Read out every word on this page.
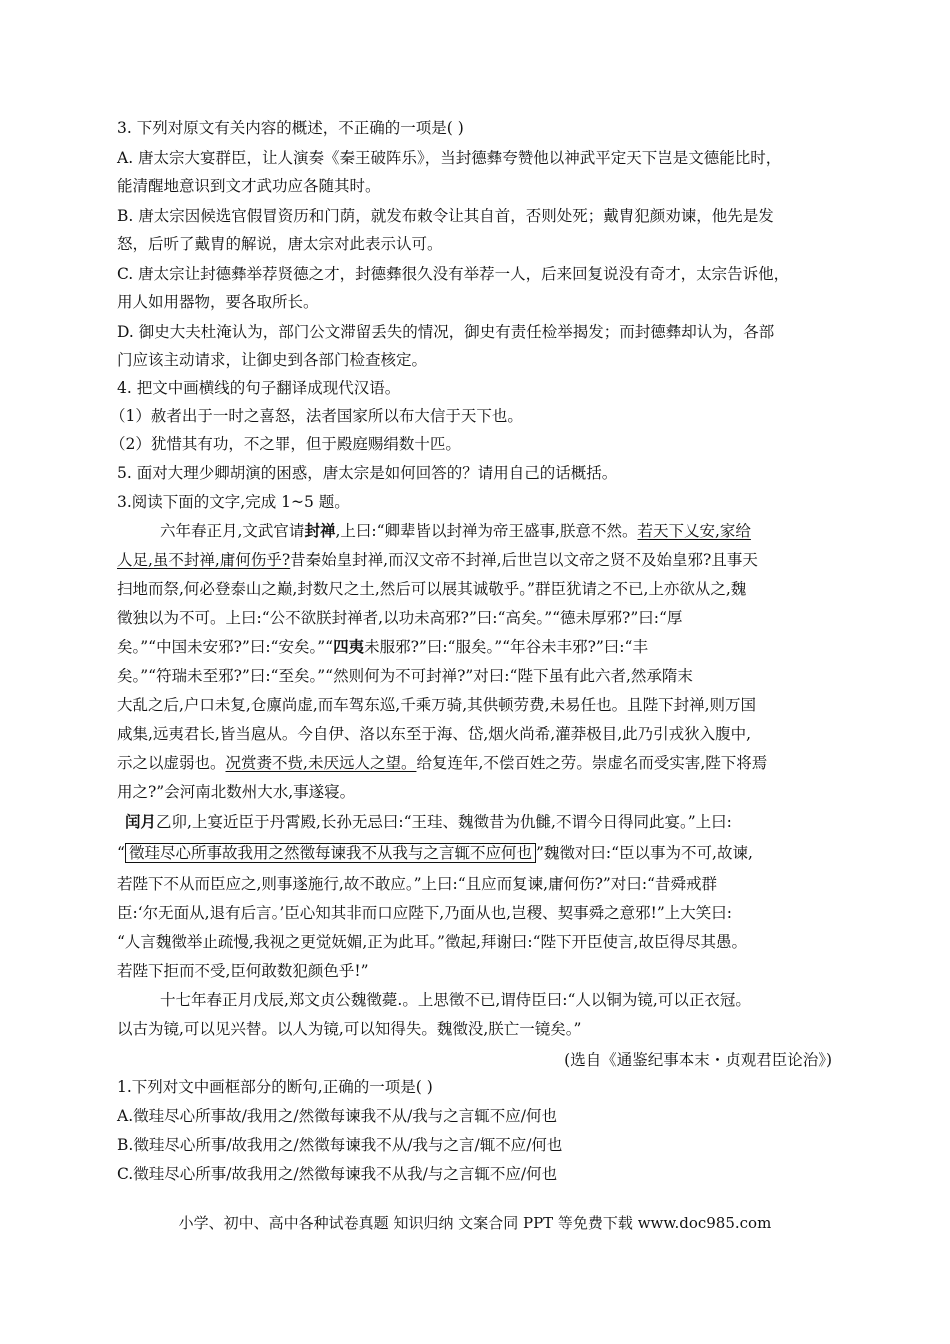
3. 下列对原文有关内容的概述，不正确的一项是( )
A. 唐太宗大宴群臣，让人演奏《秦王破阵乐》，当封德彝夸赞他以神武平定天下岂是文德能比时，
能清醒地意识到文才武功应各随其时。
B. 唐太宗因候选官假冒资历和门荫，就发布敕令让其自首，否则处死；戴胄犯颜劝谏，他先是发
怒，后听了戴胄的解说，唐太宗对此表示认可。
C. 唐太宗让封德彝举荐贤德之才，封德彝很久没有举荐一人，后来回复说没有奇才，太宗告诉他，
用人如用器物，要各取所长。
D. 御史大夫杜淹认为，部门公文滞留丢失的情况，御史有责任检举揭发；而封德彝却认为，各部
门应该主动请求，让御史到各部门检查核定。
4. 把文中画横线的句子翻译成现代汉语。
（1）赦者出于一时之喜怒，法者国家所以布大信于天下也。
（2）犹惜其有功，不之罪，但于殿庭赐绢数十匹。
5. 面对大理少卿胡演的困惑，唐太宗是如何回答的？请用自己的话概括。
3.阅读下面的文字,完成 1~5 题。
六年春正月,文武官请封禅,上曰:“卿辈皆以封禅为帝王盛事,朕意不然。若天下乂安,家给
人足,虽不封禅,庸何伤乎?昔秦始皇封禅,而汉文帝不封禅,后世岂以文帝之贤不及始皇邪?且事天
扫地而祭,何必登泰山之巅,封数尺之土,然后可以展其诚敬乎。”群臣犹请之不已,上亦欲从之,魏
徵独以为不可。上曰:“公不欲朕封禅者,以功未高邪?”曰:“高矣。”“德未厚邪?”曰:“厚
矣。”“中国未安邪?”曰:“安矣。”“四夷未服邪?”曰:“服矣。”“年谷未丰邪?”曰:“丰
矣。”“符瑞未至邪?”曰:“至矣。”“然则何为不可封禅?”对曰:“陛下虽有此六者,然承隋末
大乱之后,户口未复,仓廪尚虚,而车驾东巡,千乘万骑,其供顿劳费,未易任也。且陛下封禅,则万国
咸集,远夷君长,皆当扈从。今自伊、洛以东至于海、岱,烟火尚希,灌莽极目,此乃引戎狄入腹中,
示之以虚弱也。况赏赉不赀,未厌远人之望。给复连年,不偿百姓之劳。崇虚名而受实害,陛下将焉
用之?”会河南北数州大水,事遂寝。
闰月乙卯,上宴近臣于丹霄殿,长孙无忌曰:“王珪、魏徵昔为仇雠,不谓今日得同此宴。”上曰:
“ 徵珪尽心所事故我用之然徵每谏我不从我与之言辄不应何也 ”魏徵对曰:“臣以事为不可,故谏,
若陛下不从而臣应之,则事遂施行,故不敢应。”上曰:“且应而复谏,庸何伤?”对曰:“昔舜戒群
臣:‘尔无面从,退有后言。’臣心知其非而口应陛下,乃面从也,岂稷、契事舜之意邪!”上大笑曰:
“人言魏徵举止疏慢,我视之更觉妩媚,正为此耳。”徵起,拜谢曰:“陛下开臣使言,故臣得尽其愚。
若陛下拒而不受,臣何敢数犯颜色乎!”
十七年春正月戊辰,郑文贞公魏徵薨.。上思徵不已,谓侍臣曰:“人以铜为镜,可以正衣冠。
以古为镜,可以见兴替。以人为镜,可以知得失。魏徵没,朕亡一镜矣。”
(选自《通鉴纪事本末・贞观君臣论治》)
1.下列对文中画框部分的断句,正确的一项是( )
A.徵珪尽心所事故/我用之/然徵每谏我不从/我与之言辄不应/何也
B.徵珪尽心所事/故我用之/然徵每谏我不从/我与之言/辄不应/何也
C.徵珪尽心所事/故我用之/然徵每谏我不从我/与之言辄不应/何也
小学、初中、高中各种试卷真题 知识归纳 文案合同 PPT 等免费下载 www.doc985.com
